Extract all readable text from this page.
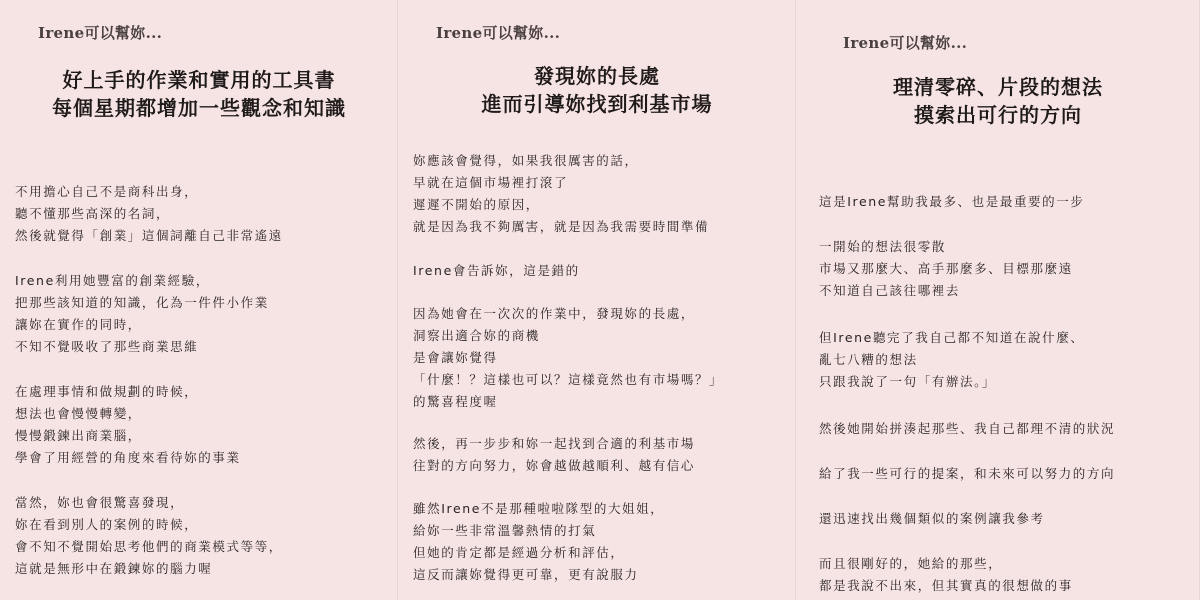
Irene可以幫妳...
好上手的作業和實用的工具書
每個星期都增加一些觀念和知識
不用擔心自己不是商科出身，
聽不懂那些高深的名詞，
然後就覺得「創業」這個詞離自己非常遙遠
Irene利用她豐富的創業經驗，
把那些該知道的知識，化為一件件小作業
讓妳在實作的同時，
不知不覺吸收了那些商業思維
在處理事情和做規劃的時候，
想法也會慢慢轉變，
慢慢鍛鍊出商業腦，
學會了用經營的角度來看待妳的事業
當然，妳也會很驚喜發現，
妳在看到別人的案例的時候，
會不知不覺開始思考他們的商業模式等等，
這就是無形中在鍛鍊妳的腦力喔
Irene可以幫妳...
發現妳的長處
進而引導妳找到利基市場
妳應該會覺得，如果我很厲害的話，
早就在這個市場裡打滾了
遲遲不開始的原因，
就是因為我不夠厲害，就是因為我需要時間準備
Irene會告訴妳，這是錯的
因為她會在一次次的作業中，發現妳的長處，
洞察出適合妳的商機
是會讓妳覺得
「什麼！？這樣也可以？這樣竟然也有市場嗎？」
的驚喜程度喔
然後，再一步步和妳一起找到合適的利基市場
往對的方向努力，妳會越做越順利、越有信心
雖然Irene不是那種啦啦隊型的大姐姐，
給妳一些非常溫馨熱情的打氣
但她的肯定都是經過分析和評估，
這反而讓妳覺得更可靠，更有說服力
Irene可以幫妳...
理清零碎、片段的想法
摸索出可行的方向
這是Irene幫助我最多、也是最重要的一步
一開始的想法很零散
市場又那麼大、高手那麼多、目標那麼遠
不知道自己該往哪裡去
但Irene聽完了我自己都不知道在說什麼、
亂七八糟的想法
只跟我說了一句「有辦法。」
然後她開始拼湊起那些、我自己都理不清的狀況
給了我一些可行的提案，和未來可以努力的方向
還迅速找出幾個類似的案例讓我參考
而且很剛好的，她給的那些，
都是我說不出來，但其實真的很想做的事
